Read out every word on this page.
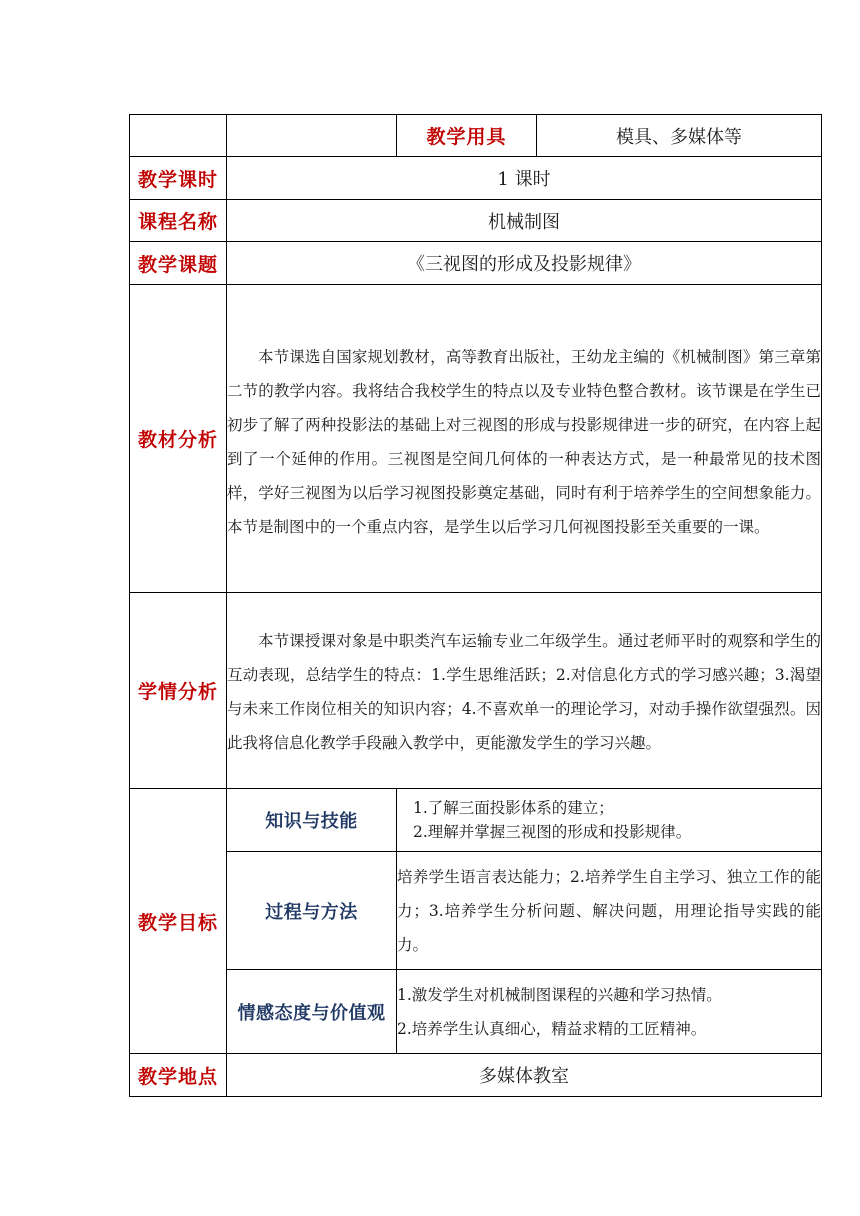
		教学用具	模具、多媒体等
教学课时	1 课时		
课程名称	机械制图		
教学课题	《三视图的形成及投影规律》		
教材分析	本节课选自国家规划教材，高等教育出版社，王幼龙主编的《机械制图》第三章第二节的教学内容。我将结合我校学生的特点以及专业特色整合教材。该节课是在学生已初步了解了两种投影法的基础上对三视图的形成与投影规律进一步的研究，在内容上起到了一个延伸的作用。三视图是空间几何体的一种表达方式，是一种最常见的技术图样，学好三视图为以后学习视图投影奠定基础，同时有利于培养学生的空间想象能力。本节是制图中的一个重点内容，是学生以后学习几何视图投影至关重要的一课。		

学情分析	本节课授课对象是中职类汽车运输专业二年级学生。通过老师平时的观察和学生的互动表现，总结学生的特点：1.学生思维活跃；2.对信息化方式的学习感兴趣；3.渴望与未来工作岗位相关的知识内容；4.不喜欢单一的理论学习，对动手操作欲望强烈。因此我将信息化教学手段融入教学中，更能激发学生的学习兴趣。		

教学目标	知识与技能	1.了解三面投影体系的建立；
2.理解并掌握三视图的形成和投影规律。	

	过程与方法	培养学生语言表达能力；2.培养学生自主学习、独立工作的能力；3.培养学生分析问题、解决问题，用理论指导实践的能力。	

	情感态度与价值观	1.激发学生对机械制图课程的兴趣和学习热情。
2.培养学生认真细心，精益求精的工匠精神。	

教学地点	多媒体教室		
